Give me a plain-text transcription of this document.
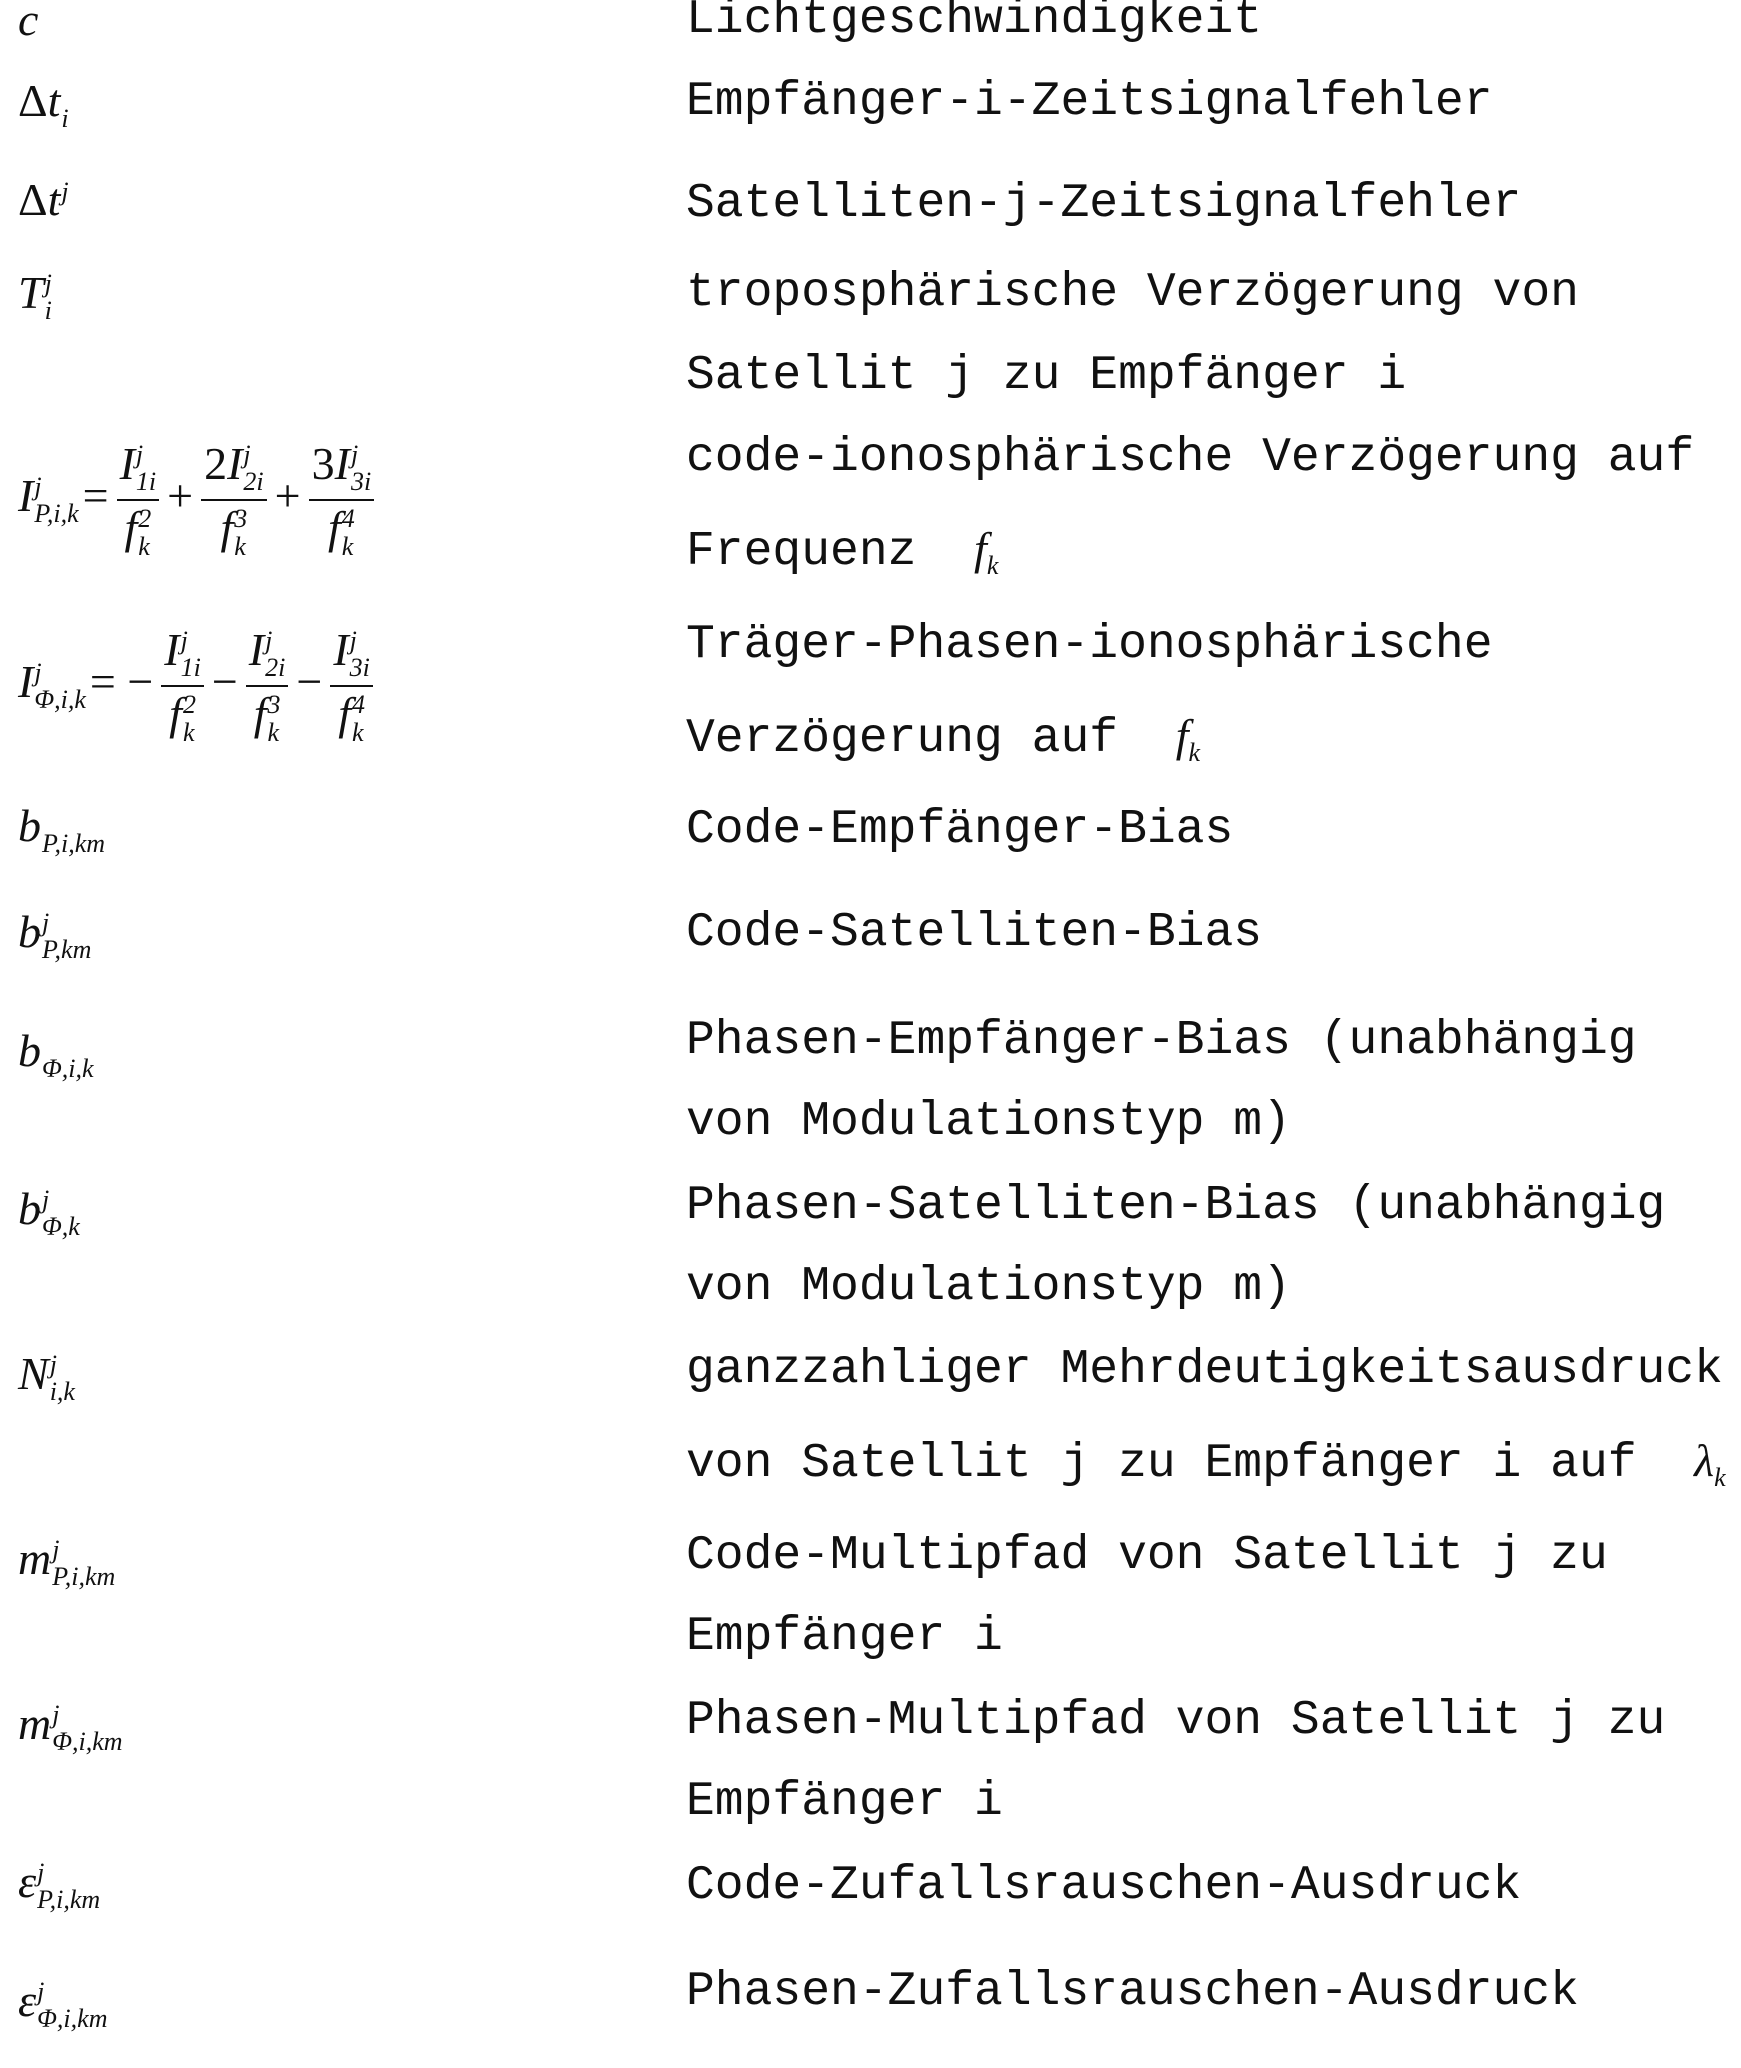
c	Lichtgeschwindigkeit
Δt i	Empfänger-i-Zeitsignalfehler
Δt j	Satelliten-j-Zeitsignalfehler
T j
i	troposphärische Verzögerung von
Satellit j zu Empfänger i
I j
P,i,k =
I j
1i
f 2
k
+
2I j
2i
f 3
k
+
3I j
3i
f 4
k
code-ionosphärische Verzögerung auf
Frequenz  fk
I j
Φ,i,k = −
I j
1i
f 2
k
−
I j
2i
f 3
k
−
I j
3i
f 4
k
Träger-Phasen-ionosphärische
Verzögerung auf  fk
b P,i,km	Code-Empfänger-Bias
b j
P,km	Code-Satelliten-Bias
b Φ,i,k
Phasen-Empfänger-Bias (unabhängig
von Modulationstyp m)
b j
Φ,k	Phasen-Satelliten-Bias (unabhängig
von Modulationstyp m)
N j
i,k	ganzzahliger Mehrdeutigkeitsausdruck
von Satellit j zu Empfänger i auf  λk
m j
P,i,km	Code-Multipfad von Satellit j zu
Empfänger i
m j
Φ,i,km	Phasen-Multipfad von Satellit j zu
Empfänger i
ε j
P,i,km	Code-Zufallsrauschen-Ausdruck
ε j
Φ,i,km	Phasen-Zufallsrauschen-Ausdruck
